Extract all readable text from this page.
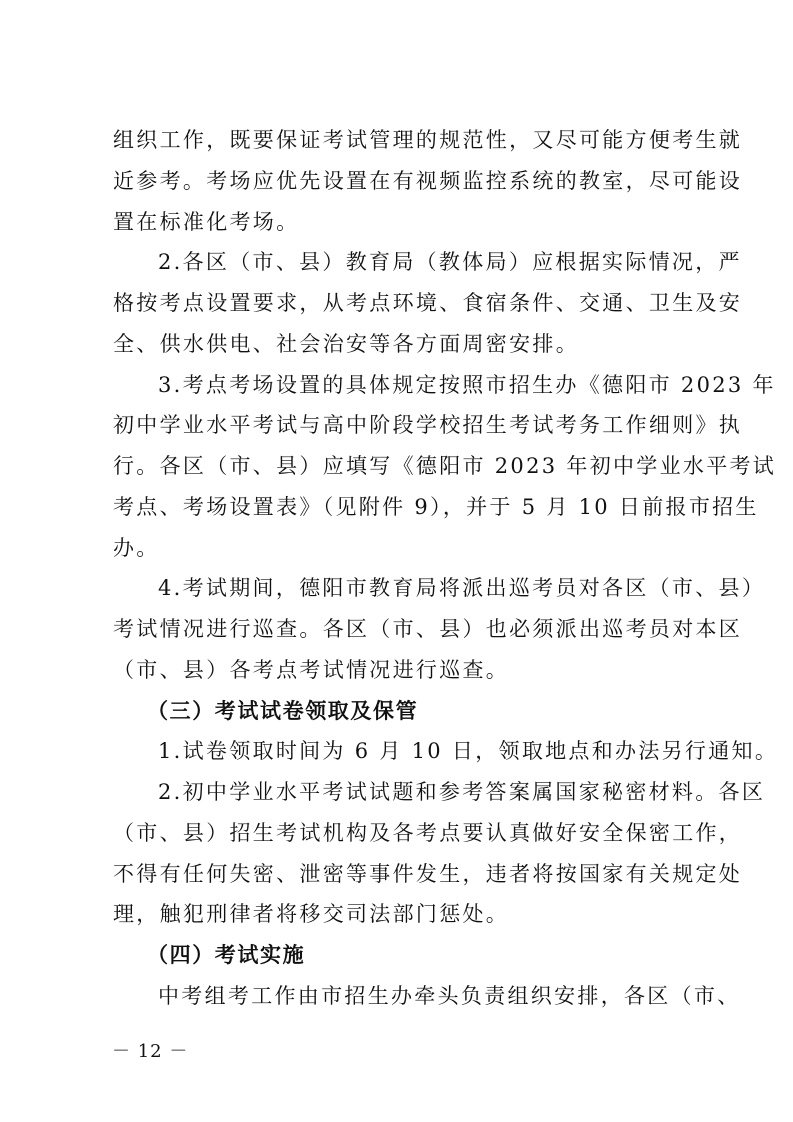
组织工作，既要保证考试管理的规范性，又尽可能方便考生就
近参考。考场应优先设置在有视频监控系统的教室，尽可能设
置在标准化考场。
2.各区（市、县）教育局（教体局）应根据实际情况，严
格按考点设置要求，从考点环境、食宿条件、交通、卫生及安
全、供水供电、社会治安等各方面周密安排。
3.考点考场设置的具体规定按照市招生办《德阳市 2023 年
初中学业水平考试与高中阶段学校招生考试考务工作细则》执
行。各区（市、县）应填写《德阳市 2023 年初中学业水平考试
考点、考场设置表》（见附件 9），并于 5 月 10 日前报市招生
办。
4.考试期间，德阳市教育局将派出巡考员对各区（市、县）
考试情况进行巡查。各区（市、县）也必须派出巡考员对本区
（市、县）各考点考试情况进行巡查。
（三）考试试卷领取及保管
1.试卷领取时间为 6 月 10 日，领取地点和办法另行通知。
2.初中学业水平考试试题和参考答案属国家秘密材料。各区
（市、县）招生考试机构及各考点要认真做好安全保密工作，
不得有任何失密、泄密等事件发生，违者将按国家有关规定处
理，触犯刑律者将移交司法部门惩处。
（四）考试实施
中考组考工作由市招生办牵头负责组织安排，各区（市、
－ 12 －
